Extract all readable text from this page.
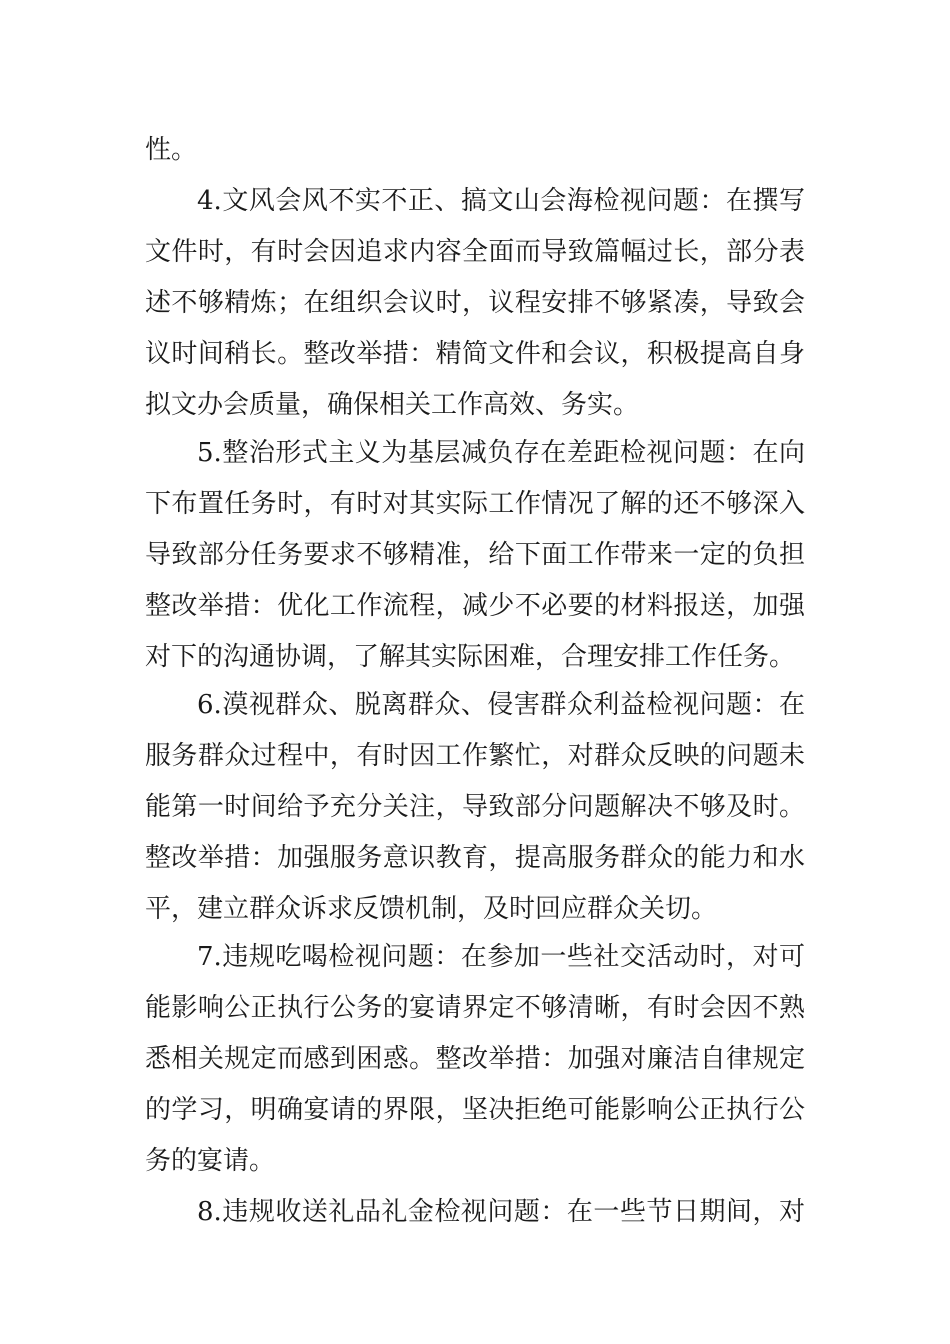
性。
4.文风会风不实不正、搞文山会海检视问题：在撰写
文件时，有时会因追求内容全面而导致篇幅过长，部分表
述不够精炼；在组织会议时，议程安排不够紧凑，导致会
议时间稍长。整改举措：精简文件和会议，积极提高自身
拟文办会质量，确保相关工作高效、务实。
5.整治形式主义为基层减负存在差距检视问题：在向
下布置任务时，有时对其实际工作情况了解的还不够深入
导致部分任务要求不够精准，给下面工作带来一定的负担
整改举措：优化工作流程，减少不必要的材料报送，加强
对下的沟通协调，了解其实际困难，合理安排工作任务。
6.漠视群众、脱离群众、侵害群众利益检视问题：在
服务群众过程中，有时因工作繁忙，对群众反映的问题未
能第一时间给予充分关注，导致部分问题解决不够及时。
整改举措：加强服务意识教育，提高服务群众的能力和水
平，建立群众诉求反馈机制，及时回应群众关切。
7.违规吃喝检视问题：在参加一些社交活动时，对可
能影响公正执行公务的宴请界定不够清晰，有时会因不熟
悉相关规定而感到困惑。整改举措：加强对廉洁自律规定
的学习，明确宴请的界限，坚决拒绝可能影响公正执行公
务的宴请。
8.违规收送礼品礼金检视问题：在一些节日期间，对
